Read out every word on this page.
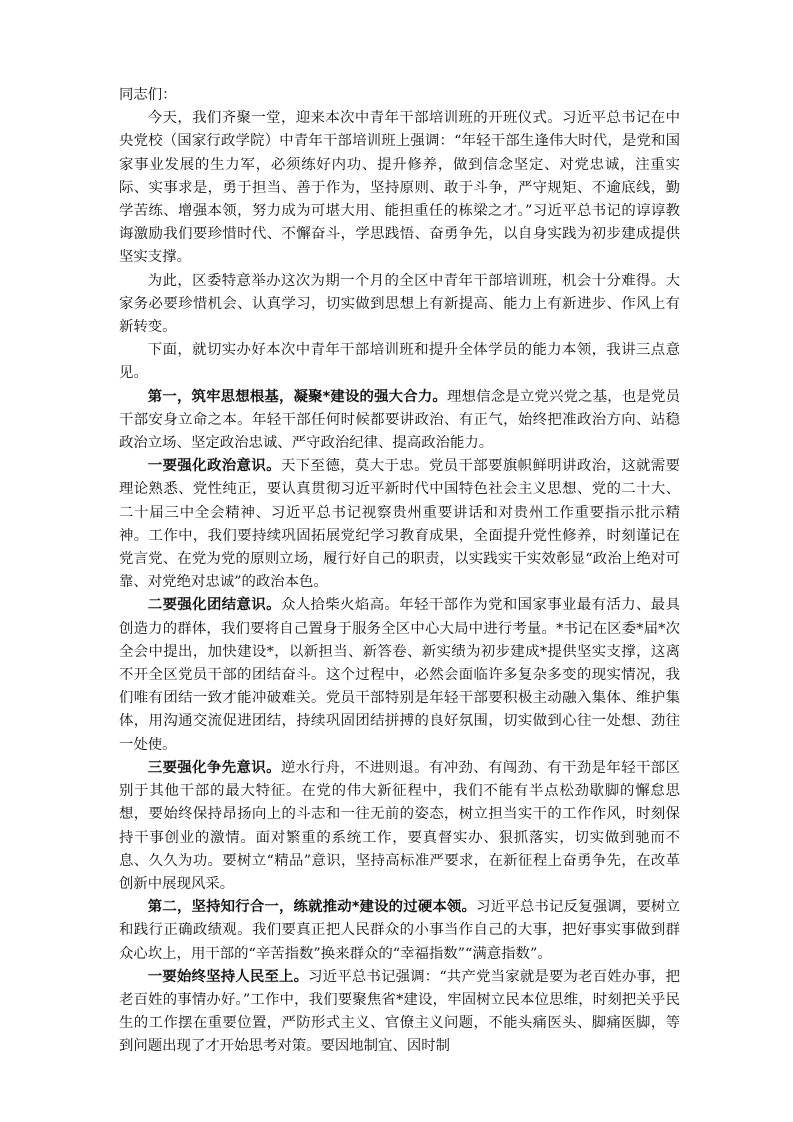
同志们：

今天，我们齐聚一堂，迎来本次中青年干部培训班的开班仪式。习近平总书记在中央党校（国家行政学院）中青年干部培训班上强调：“年轻干部生逢伟大时代，是党和国家事业发展的生力军，必须练好内功、提升修养，做到信念坚定、对党忠诚，注重实际、实事求是，勇于担当、善于作为，坚持原则、敢于斗争，严守规矩、不逾底线，勤学苦练、增强本领，努力成为可堪大用、能担重任的栋梁之才。”习近平总书记的谆谆教诲激励我们要珍惜时代、不懈奋斗，学思践悟、奋勇争先，以自身实践为初步建成提供坚实支撑。

为此，区委特意举办这次为期一个月的全区中青年干部培训班，机会十分难得。大家务必要珍惜机会、认真学习，切实做到思想上有新提高、能力上有新进步、作风上有新转变。

下面，就切实办好本次中青年干部培训班和提升全体学员的能力本领，我讲三点意见。

第一，筑牢思想根基，凝聚*建设的强大合力。理想信念是立党兴党之基，也是党员干部安身立命之本。年轻干部任何时候都要讲政治、有正气，始终把准政治方向、站稳政治立场、坚定政治忠诚、严守政治纪律、提高政治能力。

一要强化政治意识。天下至德，莫大于忠。党员干部要旗帜鲜明讲政治，这就需要理论熟悉、党性纯正，要认真贯彻习近平新时代中国特色社会主义思想、党的二十大、二十届三中全会精神、习近平总书记视察贵州重要讲话和对贵州工作重要指示批示精神。工作中，我们要持续巩固拓展党纪学习教育成果，全面提升党性修养，时刻谨记在党言党、在党为党的原则立场，履行好自己的职责，以实践实干实效彰显“政治上绝对可靠、对党绝对忠诚”的政治本色。

二要强化团结意识。众人拾柴火焰高。年轻干部作为党和国家事业最有活力、最具创造力的群体，我们要将自己置身于服务全区中心大局中进行考量。*书记在区委*届*次全会中提出，加快建设*，以新担当、新答卷、新实绩为初步建成*提供坚实支撑，这离不开全区党员干部的团结奋斗。这个过程中，必然会面临许多复杂多变的现实情况，我们唯有团结一致才能冲破难关。党员干部特别是年轻干部要积极主动融入集体、维护集体，用沟通交流促进团结，持续巩固团结拼搏的良好氛围，切实做到心往一处想、劲往一处使。

三要强化争先意识。逆水行舟，不进则退。有冲劲、有闯劲、有干劲是年轻干部区别于其他干部的最大特征。在党的伟大新征程中，我们不能有半点松劲歇脚的懈怠思想，要始终保持昂扬向上的斗志和一往无前的姿态，树立担当实干的工作作风，时刻保持干事创业的激情。面对繁重的系统工作，要真督实办、狠抓落实，切实做到驰而不息、久久为功。要树立“精品”意识，坚持高标准严要求，在新征程上奋勇争先，在改革创新中展现风采。

第二，坚持知行合一，练就推动*建设的过硬本领。习近平总书记反复强调，要树立和践行正确政绩观。我们要真正把人民群众的小事当作自己的大事，把好事实事做到群众心坎上，用干部的“辛苦指数”换来群众的“幸福指数”“满意指数”。

一要始终坚持人民至上。习近平总书记强调：“共产党当家就是要为老百姓办事，把老百姓的事情办好。”工作中，我们要聚焦省*建设，牢固树立民本位思维，时刻把关乎民生的工作摆在重要位置，严防形式主义、官僚主义问题，不能头痛医头、脚痛医脚，等到问题出现了才开始思考对策。要因地制宜、因时制
